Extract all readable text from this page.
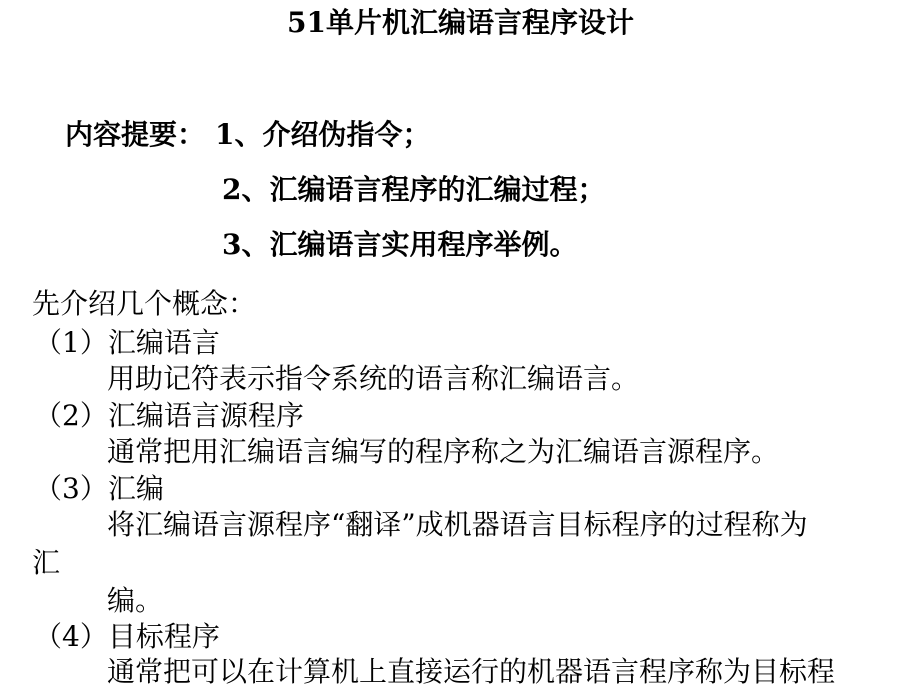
51单片机汇编语言程序设计
内容提要： 1、介绍伪指令；
2、汇编语言程序的汇编过程；
3、汇编语言实用程序举例。
先介绍几个概念：
（1）汇编语言
用助记符表示指令系统的语言称汇编语言。
（2）汇编语言源程序
通常把用汇编语言编写的程序称之为汇编语言源程序。
（3）汇编
将汇编语言源程序“翻译”成机器语言目标程序的过程称为
汇
编。
（4）目标程序
通常把可以在计算机上直接运行的机器语言程序称为目标程
